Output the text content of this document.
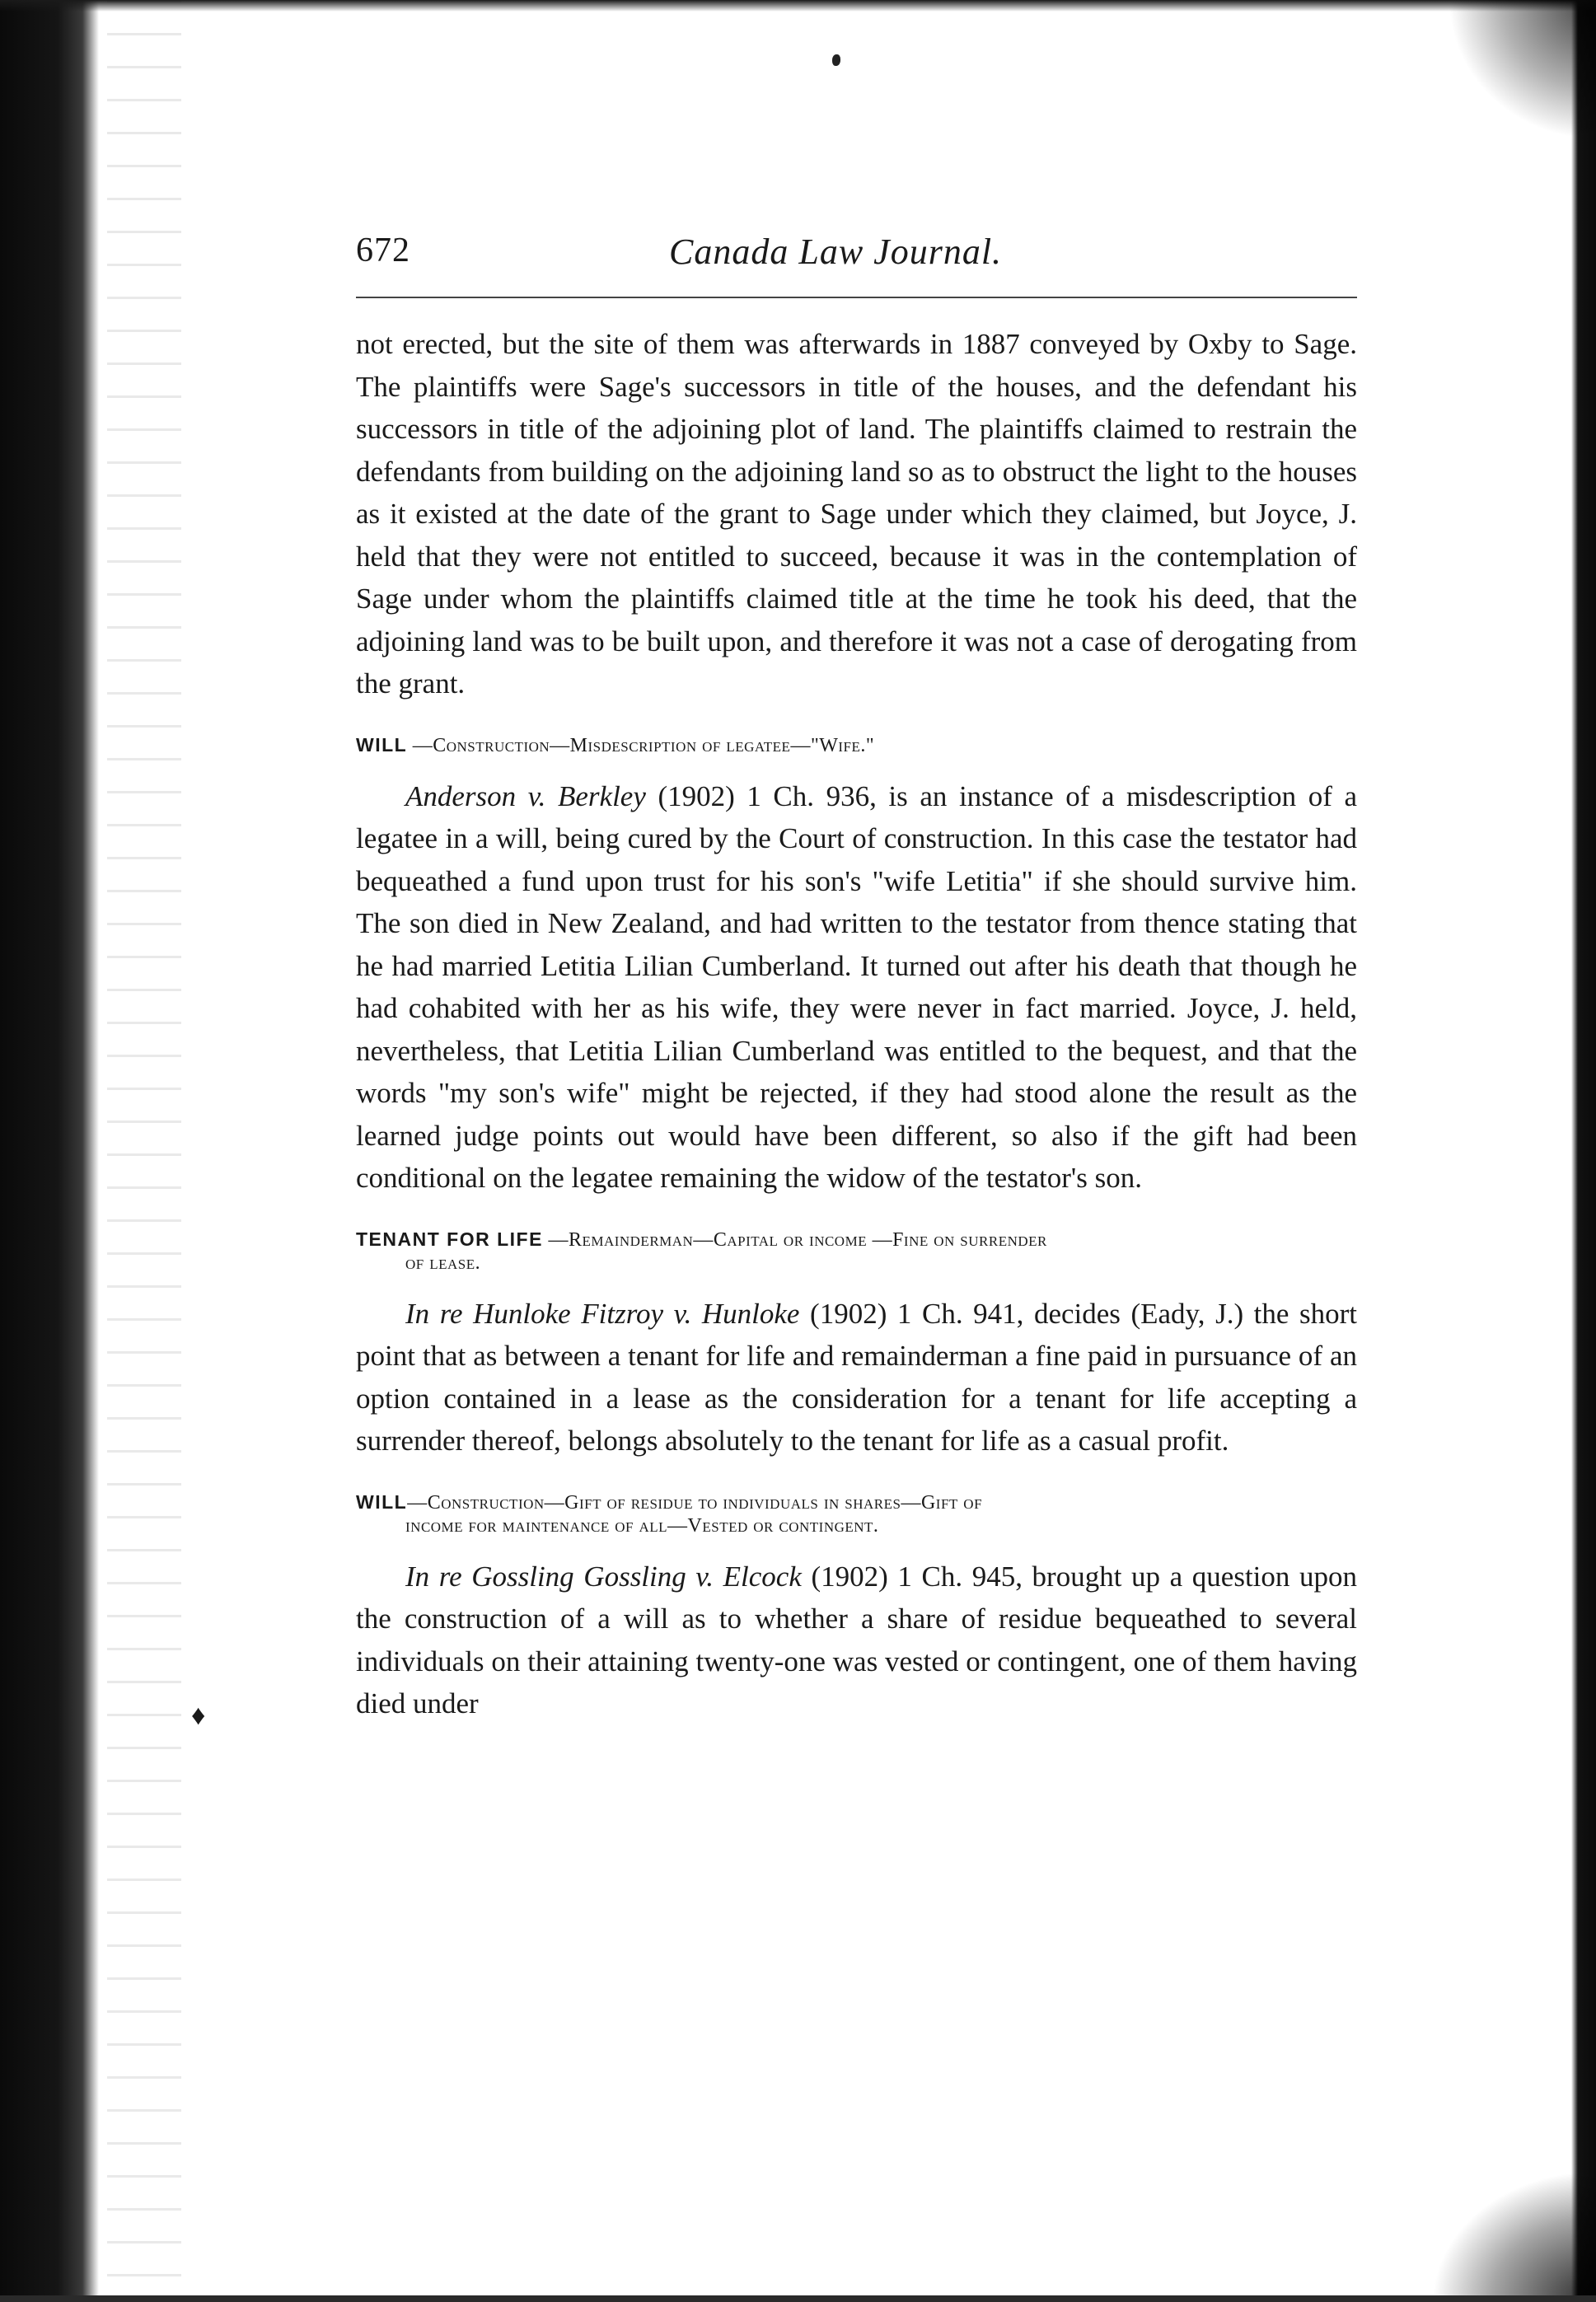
♦
672	Canada Law Journal.

not erected, but the site of them was afterwards in 1887 conveyed by Oxby to Sage. The plaintiffs were Sage's successors in title of the houses, and the defendant his successors in title of the adjoining plot of land. The plaintiffs claimed to restrain the defendants from building on the adjoining land so as to obstruct the light to the houses as it existed at the date of the grant to Sage under which they claimed, but Joyce, J. held that they were not entitled to succeed, because it was in the contemplation of Sage under whom the plaintiffs claimed title at the time he took his deed, that the adjoining land was to be built upon, and therefore it was not a case of derogating from the grant.

WILL —Construction—Misdescription of legatee—"Wife."

Anderson v. Berkley (1902) 1 Ch. 936, is an instance of a misdescription of a legatee in a will, being cured by the Court of construction. In this case the testator had bequeathed a fund upon trust for his son's "wife Letitia" if she should survive him. The son died in New Zealand, and had written to the testator from thence stating that he had married Letitia Lilian Cumberland. It turned out after his death that though he had cohabited with her as his wife, they were never in fact married. Joyce, J. held, nevertheless, that Letitia Lilian Cumberland was entitled to the bequest, and that the words "my son's wife" might be rejected, if they had stood alone the result as the learned judge points out would have been different, so also if the gift had been conditional on the legatee remaining the widow of the testator's son.

TENANT FOR LIFE —Remainderman—Capital or income —Fine on surrender

of lease.

In re Hunloke Fitzroy v. Hunloke (1902) 1 Ch. 941, decides (Eady, J.) the short point that as between a tenant for life and remainderman a fine paid in pursuance of an option contained in a lease as the consideration for a tenant for life accepting a surrender thereof, belongs absolutely to the tenant for life as a casual profit.

WILL—Construction—Gift of residue to individuals in shares—Gift of

income for maintenance of all—Vested or contingent.

In re Gossling Gossling v. Elcock (1902) 1 Ch. 945, brought up a question upon the construction of a will as to whether a share of residue bequeathed to several individuals on their attaining twenty-one was vested or contingent, one of them having died under
